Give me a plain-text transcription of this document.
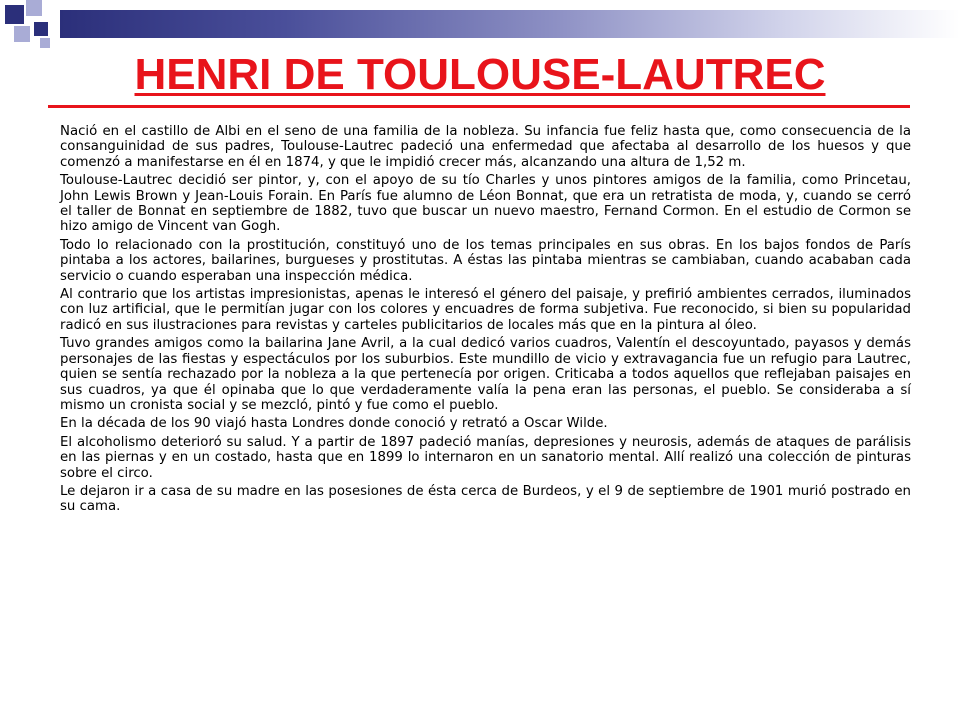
HENRI DE TOULOUSE-LAUTREC

Nació en el castillo de Albi en el seno de una familia de la nobleza. Su infancia fue feliz hasta que, como consecuencia de la consanguinidad de sus padres, Toulouse-Lautrec padeció una enfermedad que afectaba al desarrollo de los huesos y que comenzó a manifestarse en él en 1874, y que le impidió crecer más, alcanzando una altura de 1,52 m.

Toulouse-Lautrec decidió ser pintor, y, con el apoyo de su tío Charles y unos pintores amigos de la familia, como Princetau, John Lewis Brown y Jean-Louis Forain. En París fue alumno de Léon Bonnat, que era un retratista de moda, y, cuando se cerró el taller de Bonnat en septiembre de 1882, tuvo que buscar un nuevo maestro, Fernand Cormon. En el estudio de Cormon se hizo amigo de Vincent van Gogh.

Todo lo relacionado con la prostitución, constituyó uno de los temas principales en sus obras. En los bajos fondos de París pintaba a los actores, bailarines, burgueses y prostitutas. A éstas las pintaba mientras se cambiaban, cuando acababan cada servicio o cuando esperaban una inspección médica.

Al contrario que los artistas impresionistas, apenas le interesó el género del paisaje, y prefirió ambientes cerrados, iluminados con luz artificial, que le permitían jugar con los colores y encuadres de forma subjetiva. Fue reconocido, si bien su popularidad radicó en sus ilustraciones para revistas y carteles publicitarios de locales más que en la pintura al óleo.

Tuvo grandes amigos como la bailarina Jane Avril, a la cual dedicó varios cuadros, Valentín el descoyuntado, payasos y demás personajes de las fiestas y espectáculos por los suburbios. Este mundillo de vicio y extravagancia fue un refugio para Lautrec, quien se sentía rechazado por la nobleza a la que pertenecía por origen. Criticaba a todos aquellos que reflejaban paisajes en sus cuadros, ya que él opinaba que lo que verdaderamente valía la pena eran las personas, el pueblo. Se consideraba a sí mismo un cronista social y se mezcló, pintó y fue como el pueblo.

En la década de los 90 viajó hasta Londres donde conoció y retrató a Oscar Wilde.

El alcoholismo deterioró su salud. Y a partir de 1897 padeció manías, depresiones y neurosis, además de ataques de parálisis en las piernas y en un costado, hasta que en 1899 lo internaron en un sanatorio mental. Allí realizó una colección de pinturas sobre el circo.

Le dejaron ir a casa de su madre en las posesiones de ésta cerca de Burdeos, y el 9 de septiembre de 1901 murió postrado en su cama.
